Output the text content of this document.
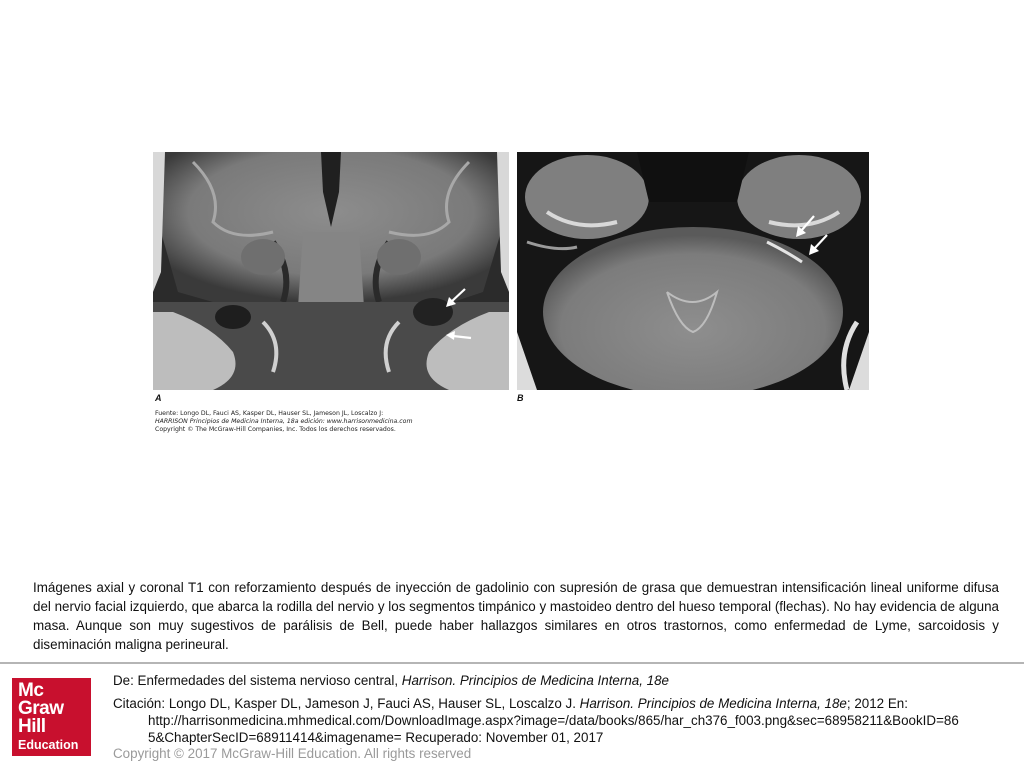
A	B
Fuente: Longo DL, Fauci AS, Kasper DL, Hauser SL, Jameson JL, Loscalzo J:
HARRISON Principios de Medicina Interna, 18a edición: www.harrisonmedicina.com
Copyright © The McGraw-Hill Companies, Inc. Todos los derechos reservados.
Imágenes axial y coronal T1 con reforzamiento después de inyección de gadolinio con supresión de grasa que demuestran intensificación lineal uniforme difusa del nervio facial izquierdo, que abarca la rodilla del nervio y los segmentos timpánico y mastoideo dentro del hueso temporal (flechas). No hay evidencia de alguna masa. Aunque son muy sugestivos de parálisis de Bell, puede haber hallazgos similares en otros trastornos, como enfermedad de Lyme, sarcoidosis y diseminación maligna perineural.
Mc
Graw
Hill
Education
De: Enfermedades del sistema nervioso central, Harrison. Principios de Medicina Interna, 18e
Citación: Longo DL, Kasper DL, Jameson J, Fauci AS, Hauser SL, Loscalzo J. Harrison. Principios de Medicina Interna, 18e; 2012 En:
http://harrisonmedicina.mhmedical.com/DownloadImage.aspx?image=/data/books/865/har_ch376_f003.png&sec=68958211&BookID=86
5&ChapterSecID=68911414&imagename= Recuperado: November 01, 2017
Copyright © 2017 McGraw-Hill Education. All rights reserved
